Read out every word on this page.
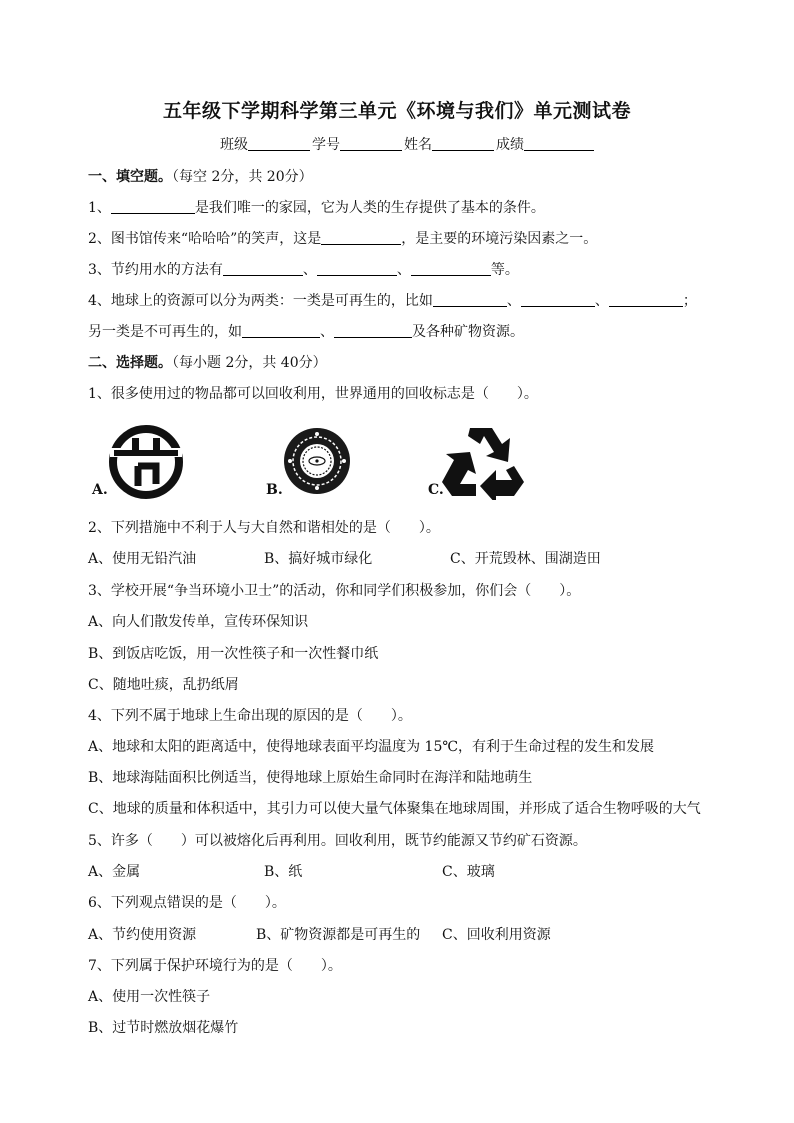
五年级下学期科学第三单元《环境与我们》单元测试卷
班级	学号	姓名	成绩
一、填空题。（每空 2分，共 20分）
1、	是我们唯一的家园，它为人类的生存提供了基本的条件。
2、图书馆传来“哈哈哈”的笑声，这是	，是主要的环境污染因素之一。
3、节约用水的方法有	、	、	等。
4、地球上的资源可以分为两类：一类是可再生的，比如	、	、	；
另一类是不可再生的，如	、	及各种矿物资源。
二、选择题。（每小题 2分，共 40分）
1、很多使用过的物品都可以回收利用，世界通用的回收标志是（　　）。
A.	B.	C.
2、下列措施中不利于人与大自然和谐相处的是（　　）。
A、使用无铅汽油	B、搞好城市绿化	C、开荒毁林、围湖造田
3、学校开展“争当环境小卫士”的活动，你和同学们积极参加，你们会（　　）。
A、向人们散发传单，宣传环保知识
B、到饭店吃饭，用一次性筷子和一次性餐巾纸
C、随地吐痰，乱扔纸屑
4、下列不属于地球上生命出现的原因的是（　　）。
A、地球和太阳的距离适中，使得地球表面平均温度为 15℃，有利于生命过程的发生和发展
B、地球海陆面积比例适当，使得地球上原始生命同时在海洋和陆地萌生
C、地球的质量和体积适中，其引力可以使大量气体聚集在地球周围，并形成了适合生物呼吸的大气
5、许多（　　）可以被熔化后再利用。回收利用，既节约能源又节约矿石资源。
A、金属	B、纸	C、玻璃
6、下列观点错误的是（　　）。
A、节约使用资源	B、矿物资源都是可再生的 C、回收利用资源
7、下列属于保护环境行为的是（　　）。
A、使用一次性筷子
B、过节时燃放烟花爆竹
